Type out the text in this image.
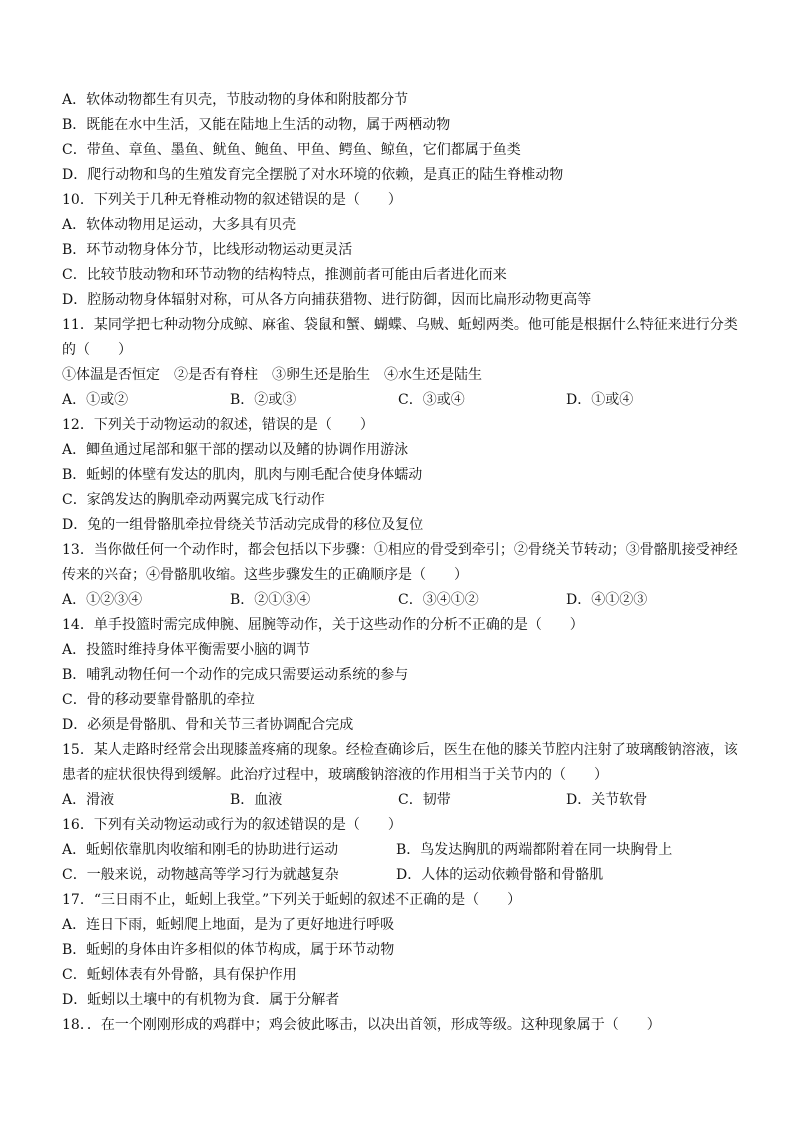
A．软体动物都生有贝壳，节肢动物的身体和附肢都分节
B．既能在水中生活，又能在陆地上生活的动物，属于两栖动物
C．带鱼、章鱼、墨鱼、鱿鱼、鲍鱼、甲鱼、鳄鱼、鲸鱼，它们都属于鱼类
D．爬行动物和鸟的生殖发育完全摆脱了对水环境的依赖，是真正的陆生脊椎动物
10．下列关于几种无脊椎动物的叙述错误的是（　　）
A．软体动物用足运动，大多具有贝壳
B．环节动物身体分节，比线形动物运动更灵活
C．比较节肢动物和环节动物的结构特点，推测前者可能由后者进化而来
D．腔肠动物身体辐射对称，可从各方向捕获猎物、进行防御，因而比扁形动物更高等
11．某同学把七种动物分成鲸、麻雀、袋鼠和蟹、蝴蝶、乌贼、蚯蚓两类。他可能是根据什么特征来进行分类
的（　　）
①体温是否恒定　②是否有脊柱　③卵生还是胎生　④水生还是陆生
A．①或②	B．②或③	C．③或④	D．①或④
12．下列关于动物运动的叙述，错误的是（　　）
A．鲫鱼通过尾部和躯干部的摆动以及鳍的协调作用游泳
B．蚯蚓的体壁有发达的肌肉，肌肉与刚毛配合使身体蠕动
C．家鸽发达的胸肌牵动两翼完成飞行动作
D．兔的一组骨骼肌牵拉骨绕关节活动完成骨的移位及复位
13．当你做任何一个动作时，都会包括以下步骤：①相应的骨受到牵引；②骨绕关节转动；③骨骼肌接受神经
传来的兴奋；④骨骼肌收缩。这些步骤发生的正确顺序是（　　）
A．①②③④	B．②①③④	C．③④①②	D．④①②③
14．单手投篮时需完成伸腕、屈腕等动作，关于这些动作的分析不正确的是（　　）
A．投篮时维持身体平衡需要小脑的调节
B．哺乳动物任何一个动作的完成只需要运动系统的参与
C．骨的移动要靠骨骼肌的牵拉
D．必须是骨骼肌、骨和关节三者协调配合完成
15．某人走路时经常会出现膝盖疼痛的现象。经检查确诊后，医生在他的膝关节腔内注射了玻璃酸钠溶液，该
患者的症状很快得到缓解。此治疗过程中，玻璃酸钠溶液的作用相当于关节内的（　　）
A．滑液	B．血液	C．韧带	D．关节软骨
16．下列有关动物运动或行为的叙述错误的是（　　）
A．蚯蚓依靠肌肉收缩和刚毛的协助进行运动	B．鸟发达胸肌的两端都附着在同一块胸骨上
C．一般来说，动物越高等学习行为就越复杂	D．人体的运动依赖骨骼和骨骼肌
17．“三日雨不止，蚯蚓上我堂。”下列关于蚯蚓的叙述不正确的是（　　）
A．连日下雨，蚯蚓爬上地面，是为了更好地进行呼吸
B．蚯蚓的身体由许多相似的体节构成，属于环节动物
C．蚯蚓体表有外骨骼，具有保护作用
D．蚯蚓以土壤中的有机物为食．属于分解者
18．．在一个刚刚形成的鸡群中；鸡会彼此啄击，以决出首领，形成等级。这种现象属于（　　）
